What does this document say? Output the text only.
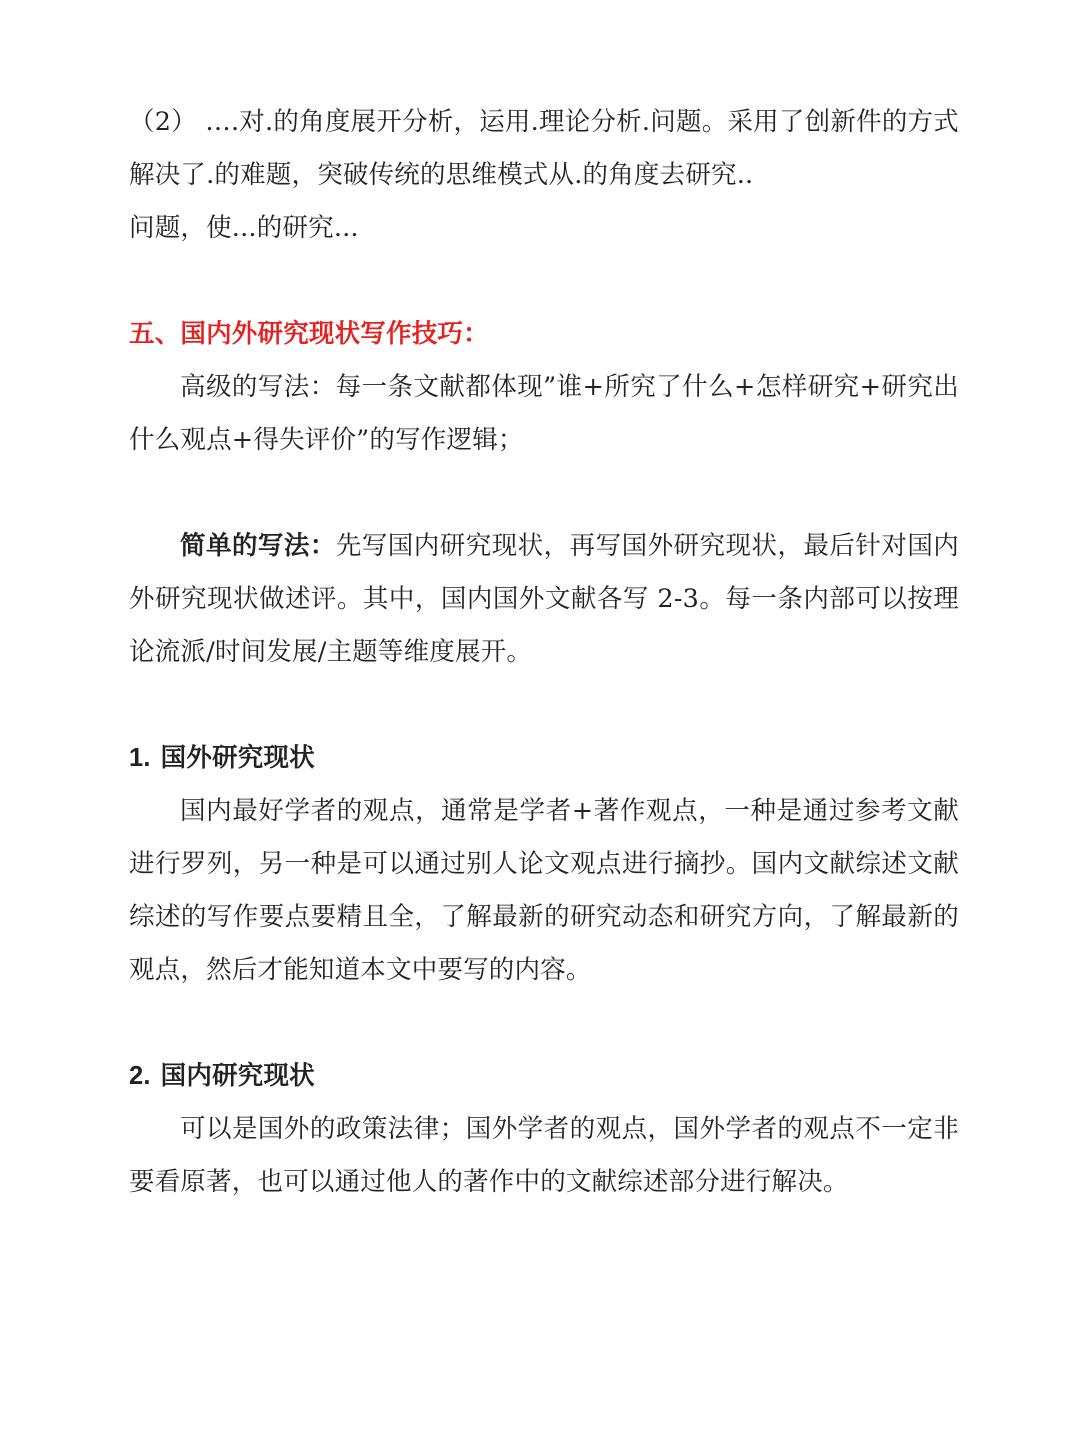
（2） ….对.的角度展开分析，运用.理论分析.问题。采用了创新件的方式解决了.的难题，突破传统的思维模式从.的角度去研究..
问题，使...的研究...

五、国内外研究现状写作技巧：

高级的写法：每一条文献都体现”谁+所究了什么+怎样研究+研究出什么观点+得失评价”的写作逻辑；

简单的写法：先写国内研究现状，再写国外研究现状，最后针对国内外研究现状做述评。其中，国内国外文献各写 2-3。每一条内部可以按理论流派/时间发展/主题等维度展开。

1. 国外研究现状

国内最好学者的观点，通常是学者+著作观点，一种是通过参考文献进行罗列，另一种是可以通过别人论文观点进行摘抄。国内文献综述文献综述的写作要点要精且全，了解最新的研究动态和研究方向，了解最新的观点，然后才能知道本文中要写的内容。

2. 国内研究现状

可以是国外的政策法律；国外学者的观点，国外学者的观点不一定非要看原著，也可以通过他人的著作中的文献综述部分进行解决。
